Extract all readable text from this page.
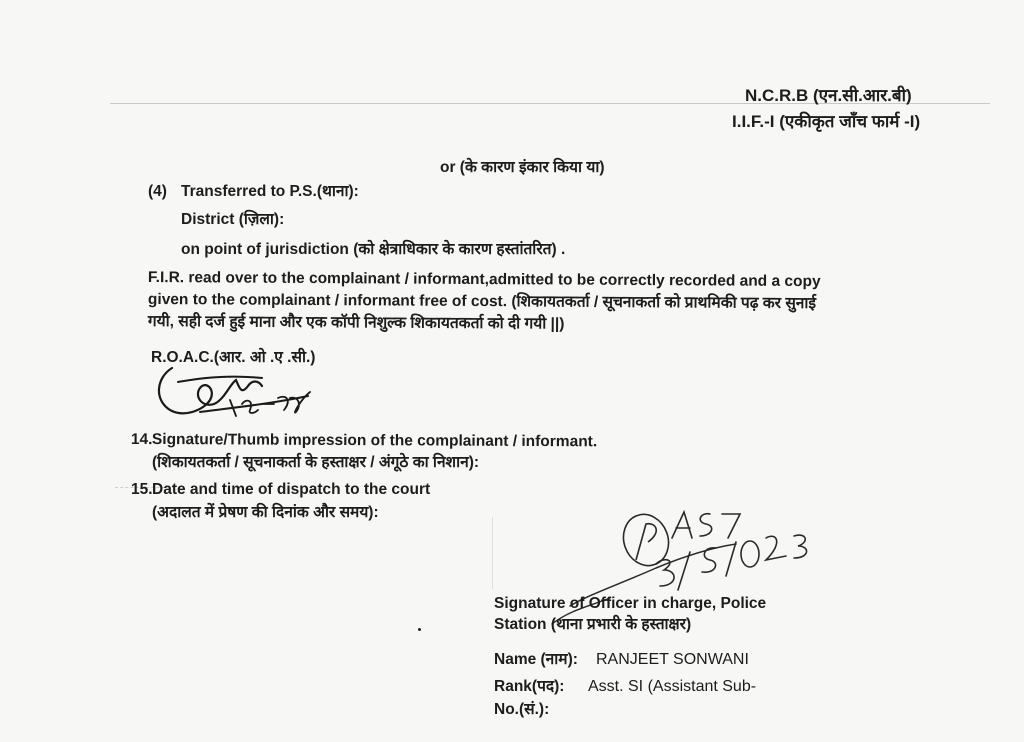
N.C.R.B (एन.सी.आर.बी)
I.I.F.-I (एकीकृत जाँच फार्म -I)
or (के कारण इंकार किया या)
(4) Transferred to P.S.(थाना):
District (ज़िला):
on point of jurisdiction (को क्षेत्राधिकार के कारण हस्तांतरित) .
F.I.R. read over to the complainant / informant,admitted to be correctly recorded and a copy
given to the complainant / informant free of cost. (शिकायतकर्ता / सूचनाकर्ता को प्राथमिकी पढ़ कर सुनाई
गयी, सही दर्ज हुई माना और एक कॉपी निशुल्क शिकायतकर्ता को दी गयी ||)
R.O.A.C.(आर. ओ .ए .सी.)
14. Signature/Thumb impression of the complainant / informant.
(शिकायतकर्ता / सूचनाकर्ता के हस्ताक्षर / अंगूठे का निशान):
15. Date and time of dispatch to the court
(अदालत में प्रेषण की दिनांक और समय):
Signature of Officer in charge, Police
Station (थाना प्रभारी के हस्ताक्षर)
Name (नाम): RANJEET SONWANI
Rank(पद): Asst. SI (Assistant Sub-
No.(सं.):
